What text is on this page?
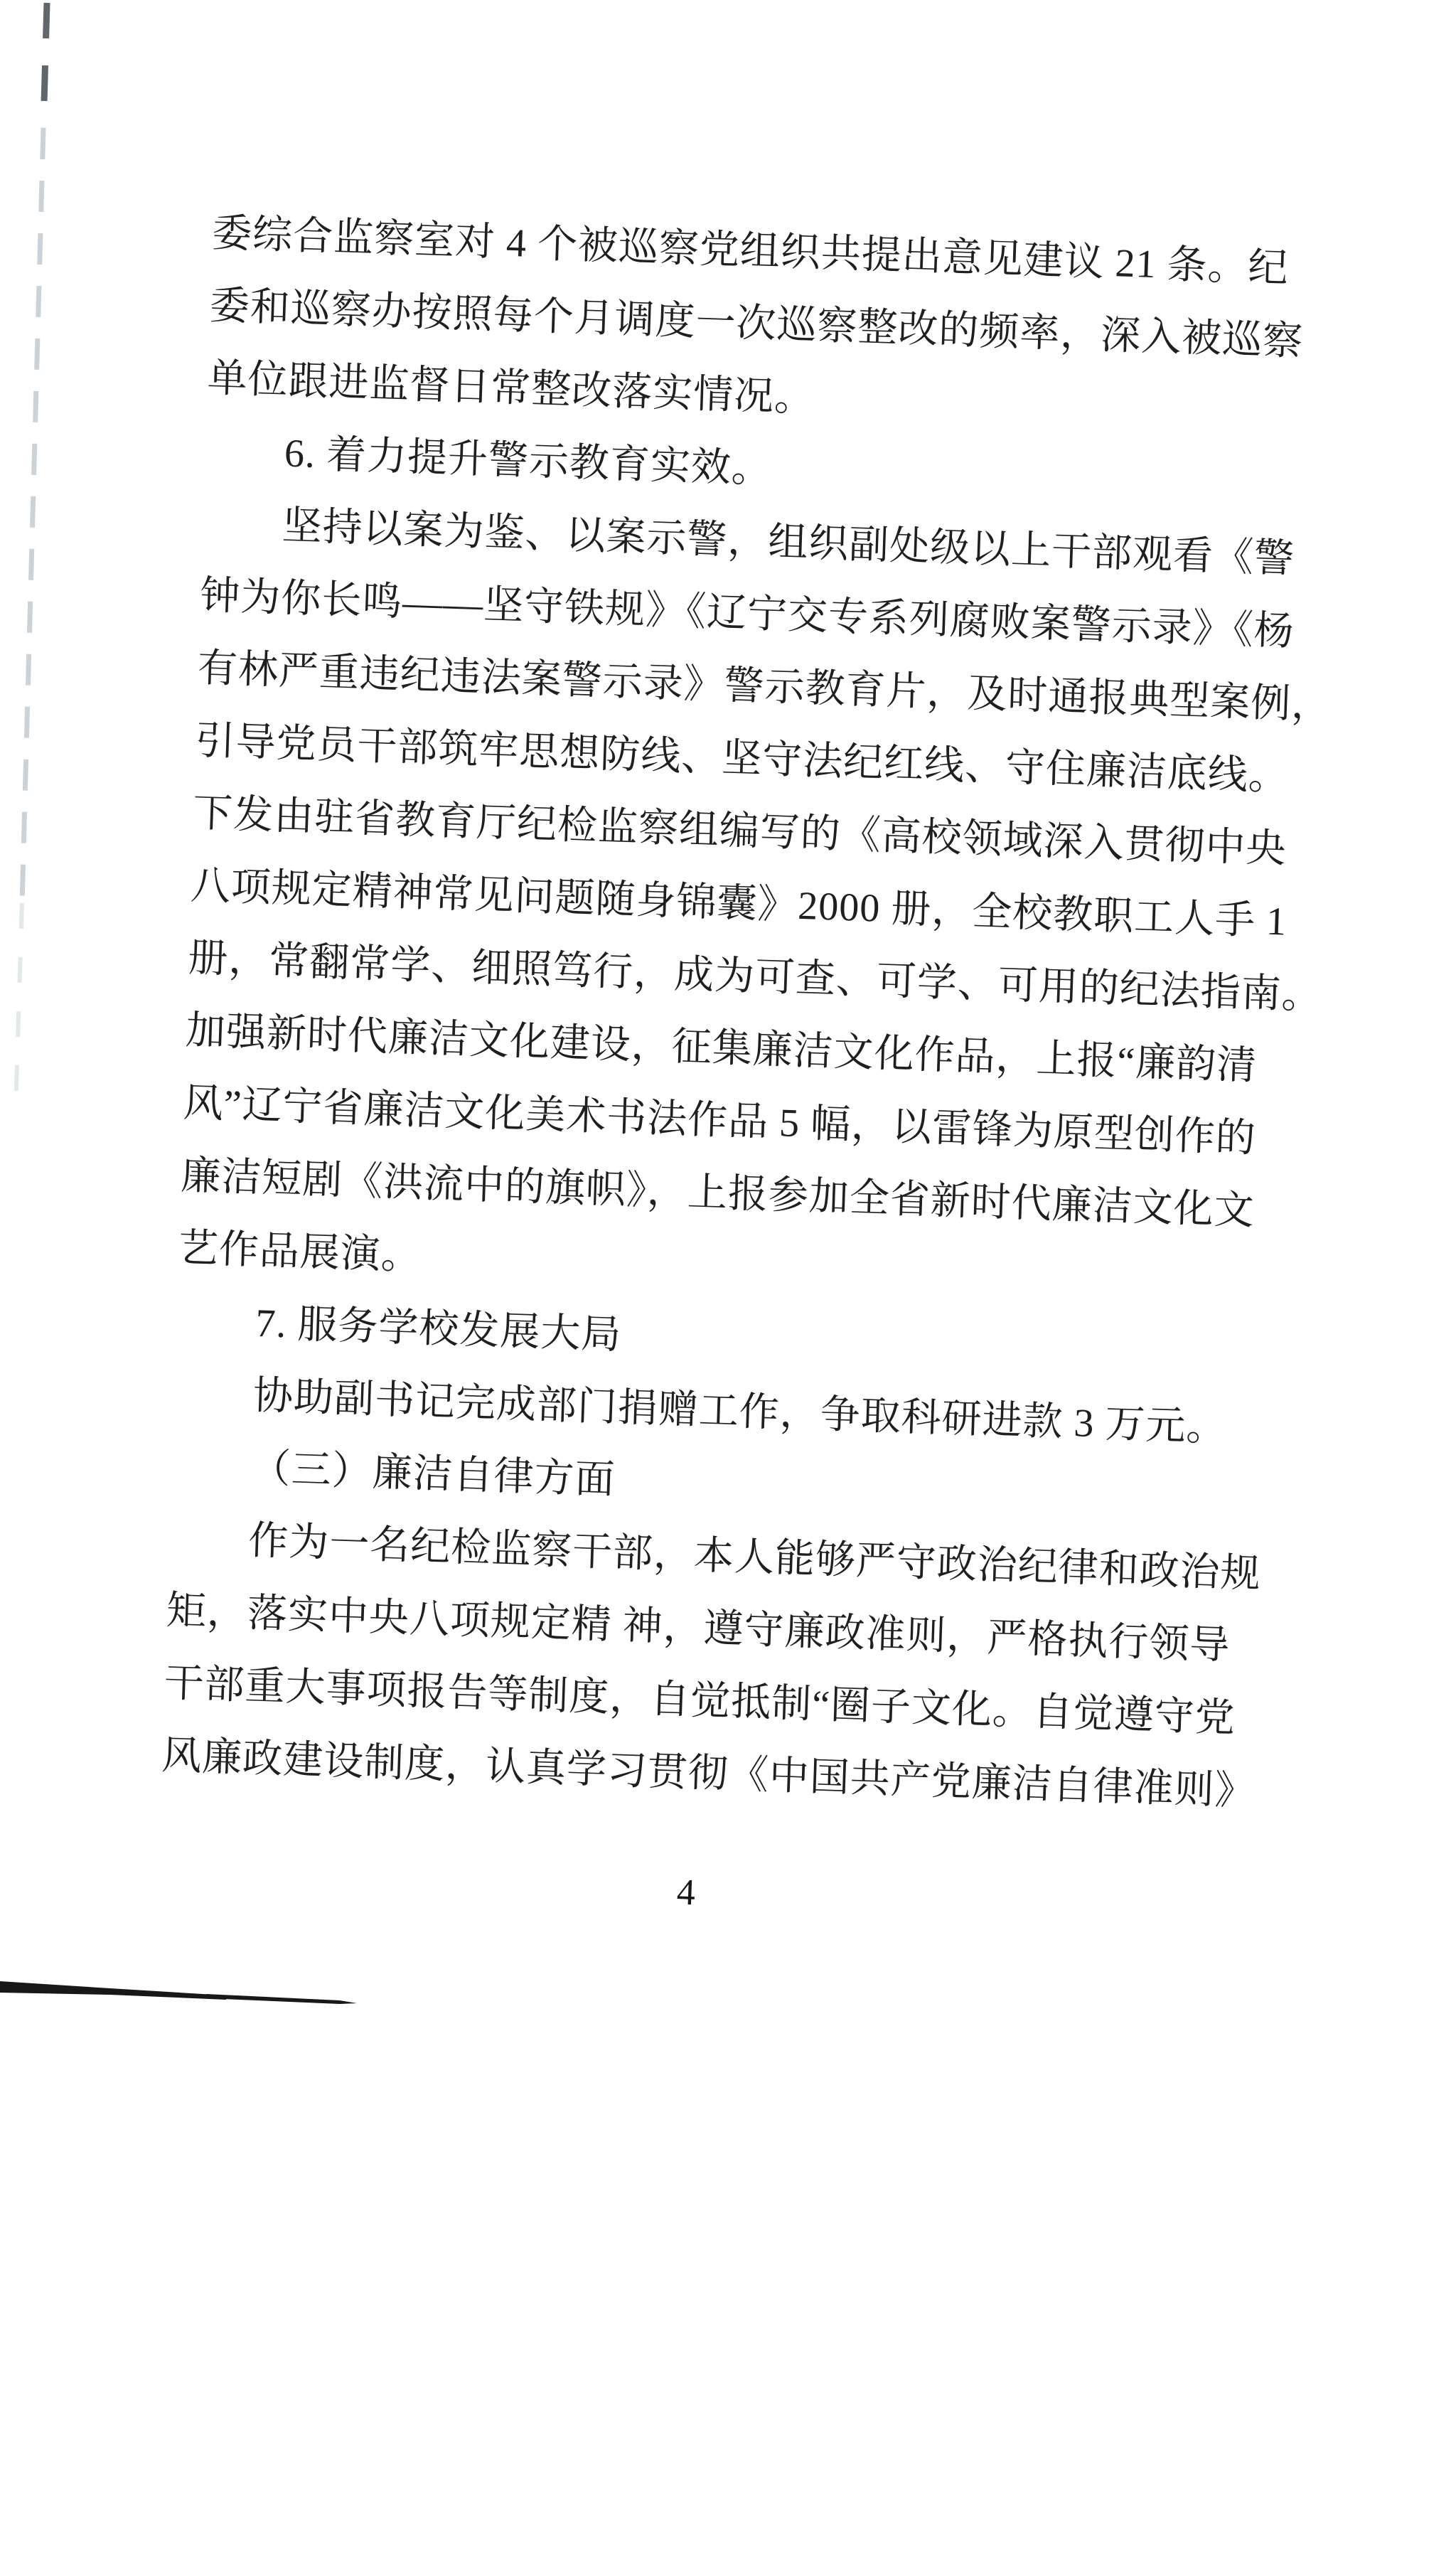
委综合监察室对 4 个被巡察党组织共提出意见建议 21 条。纪

委和巡察办按照每个月调度一次巡察整改的频率，深入被巡察

单位跟进监督日常整改落实情况。

6. 着力提升警示教育实效。

坚持以案为鉴、以案示警，组织副处级以上干部观看《警

钟为你长鸣——坚守铁规》《辽宁交专系列腐败案警示录》《杨

有林严重违纪违法案警示录》警示教育片，及时通报典型案例，

引导党员干部筑牢思想防线、坚守法纪红线、守住廉洁底线。

下发由驻省教育厅纪检监察组编写的《高校领域深入贯彻中央

八项规定精神常见问题随身锦囊》2000 册，全校教职工人手 1

册，常翻常学、细照笃行，成为可查、可学、可用的纪法指南。

加强新时代廉洁文化建设，征集廉洁文化作品，上报“廉韵清

风”辽宁省廉洁文化美术书法作品 5 幅，以雷锋为原型创作的

廉洁短剧《洪流中的旗帜》，上报参加全省新时代廉洁文化文

艺作品展演。

7. 服务学校发展大局

协助副书记完成部门捐赠工作，争取科研进款 3 万元。

（三）廉洁自律方面

作为一名纪检监察干部，本人能够严守政治纪律和政治规

矩，落实中央八项规定精 神，遵守廉政准则，严格执行领导

干部重大事项报告等制度，自觉抵制“圈子文化。自觉遵守党

风廉政建设制度，认真学习贯彻《中国共产党廉洁自律准则》

4
